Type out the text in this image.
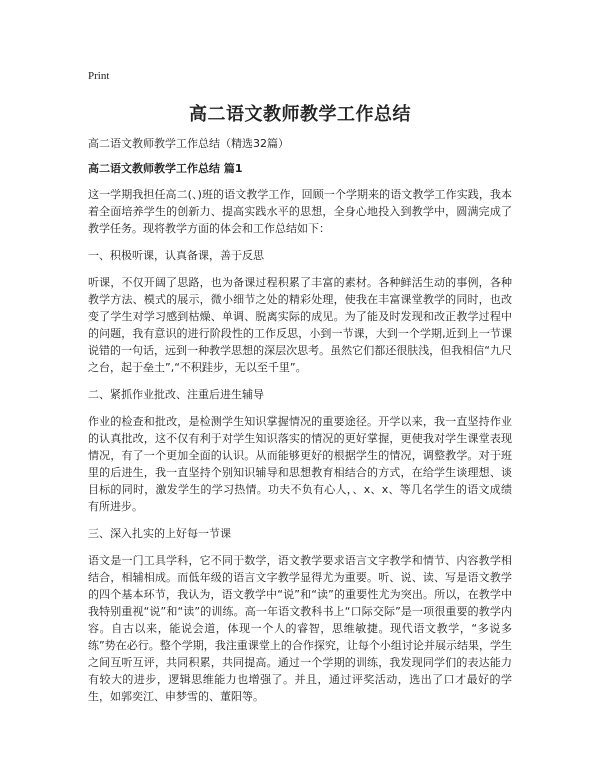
Print
高二语文教师教学工作总结
高二语文教师教学工作总结（精选32篇）
高二语文教师教学工作总结 篇1
这一学期我担任高二(、)班的语文教学工作，回顾一个学期来的语文教学工作实践，我本着全面培养学生的创新力、提高实践水平的思想，全身心地投入到教学中，圆满完成了教学任务。现将教学方面的体会和工作总结如下：
一、积极听课，认真备课，善于反思
听课，不仅开阔了思路，也为备课过程积累了丰富的素材。各种鲜活生动的事例，各种教学方法、模式的展示，微小细节之处的精彩处理，使我在丰富课堂教学的同时，也改变了学生对学习感到枯燥、单调、脱离实际的成见。为了能及时发现和改正教学过程中的问题，我有意识的进行阶段性的工作反思，小到一节课，大到一个学期,近到上一节课说错的一句话，远到一种教学思想的深层次思考。虽然它们都还很肤浅，但我相信“九尺之台，起于垒土”,“不积跬步，无以至千里”。
二、紧抓作业批改、注重后进生辅导
作业的检查和批改，是检测学生知识掌握情况的重要途径。开学以来，我一直坚持作业的认真批改，这不仅有利于对学生知识落实的情况的更好掌握，更使我对学生课堂表现情况，有了一个更加全面的认识。从而能够更好的根据学生的情况，调整教学。对于班里的后进生，我一直坚持个别知识辅导和思想教育相结合的方式，在给学生谈理想、谈目标的同时，激发学生的学习热情。功夫不负有心人，、x、x、等几名学生的语文成绩有所进步。
三、深入扎实的上好每一节课
语文是一门工具学科，它不同于数学，语文教学要求语言文字教学和情节、内容教学相结合，相辅相成。而低年级的语言文字教学显得尤为重要。听、说、读、写是语文教学的四个基本环节，我认为，语文教学中“说”和“读”的重要性尤为突出。所以，在教学中我特别重视“说”和“读”的训练。高一年语文教科书上“口际交际”是一项很重要的教学内容。自古以来，能说会道，体现一个人的睿智，思维敏捷。现代语文教学，“多说多练”势在必行。整个学期，我注重课堂上的合作探究，让每个小组讨论并展示结果，学生之间互听互评，共同积累，共同提高。通过一个学期的训练，我发现同学们的表达能力有较大的进步，逻辑思维能力也增强了。并且，通过评奖活动，选出了口才最好的学生，如郭奕江、申梦雪的、董阳等。
